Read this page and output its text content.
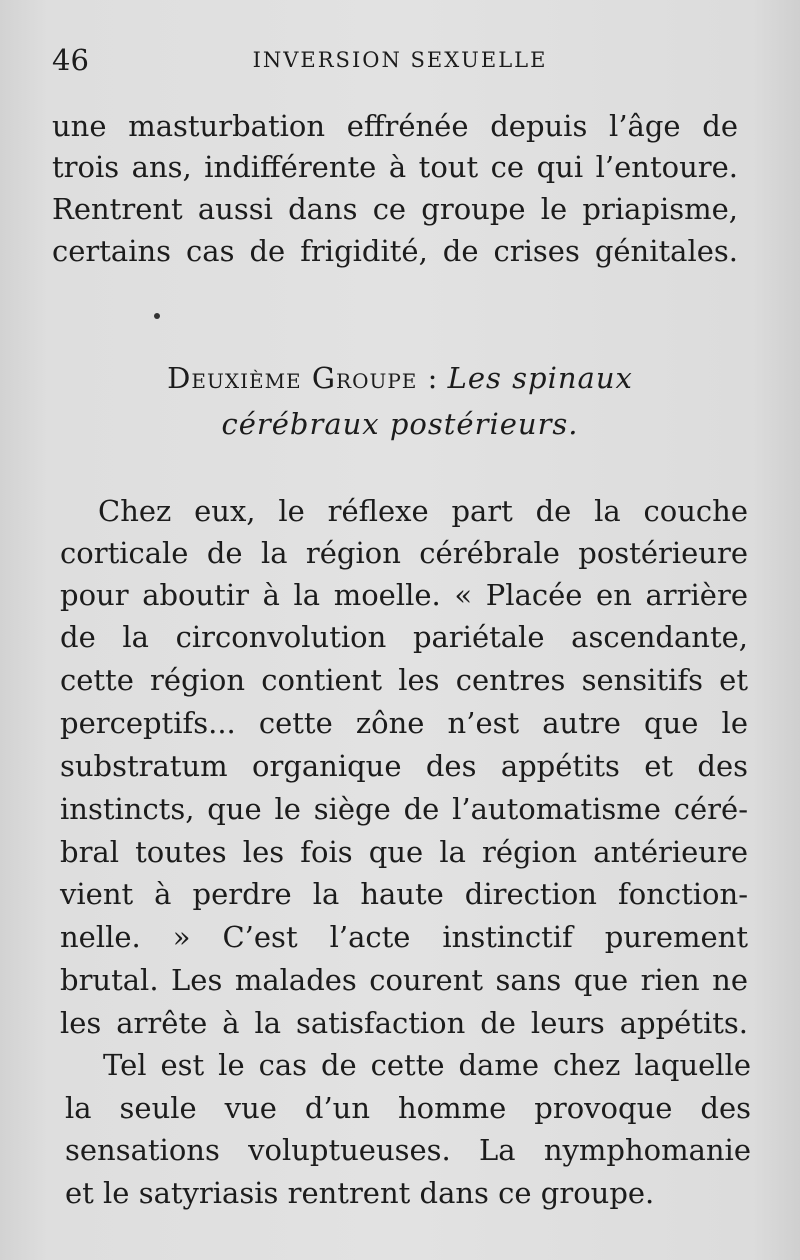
46	INVERSION SEXUELLE
une masturbation effrénée depuis l’âge de
trois ans, indifférente à tout ce qui l’entoure.
Rentrent aussi dans ce groupe le priapisme,
certains cas de frigidité, de crises génitales.
Deuxième Groupe : Les spinaux
cérébraux postérieurs.
Chez eux, le réflexe part de la couche
corticale de la région cérébrale postérieure
pour aboutir à la moelle. « Placée en arrière
de la circonvolution pariétale ascendante,
cette région contient les centres sensitifs et
perceptifs... cette zône n’est autre que le
substratum organique des appétits et des
instincts, que le siège de l’automatisme céré-
bral toutes les fois que la région antérieure
vient à perdre la haute direction fonction-
nelle. » C’est l’acte instinctif purement
brutal. Les malades courent sans que rien ne
les arrête à la satisfaction de leurs appétits.
Tel est le cas de cette dame chez laquelle
la seule vue d’un homme provoque des
sensations voluptueuses. La nymphomanie
et le satyriasis rentrent dans ce groupe.
